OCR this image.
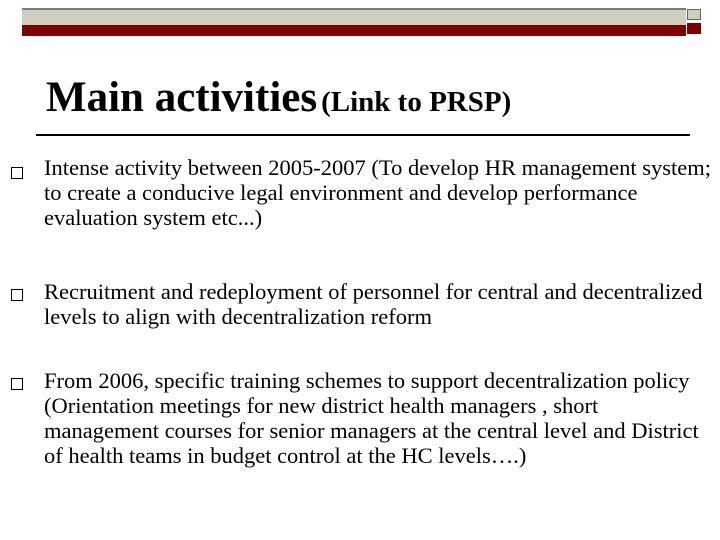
Main activities (Link to PRSP)
Intense activity between 2005-2007 (To develop HR management system; to create a conducive legal environment and develop performance evaluation system etc...)
Recruitment and redeployment of personnel for central and decentralized levels to align with decentralization reform
From 2006, specific training schemes to support decentralization policy (Orientation meetings for new district health managers , short management courses for senior managers at the central level and District of health teams in budget control at the HC levels….)
